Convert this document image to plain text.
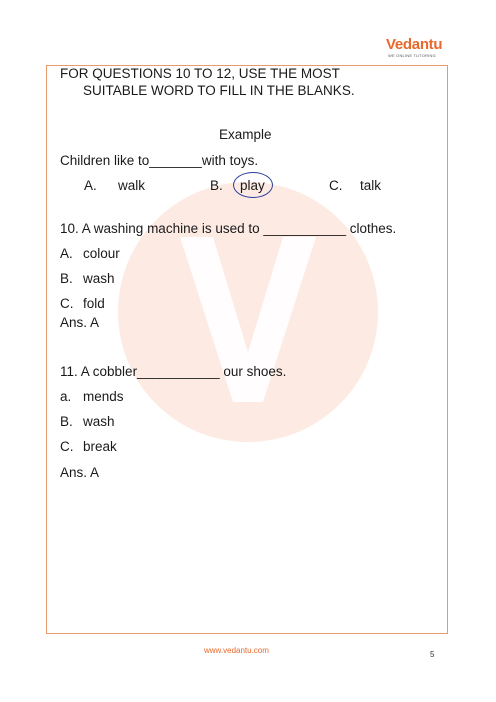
Vedantu
WE ONLINE TUTORING
FOR QUESTIONS 10 TO 12, USE THE MOST
SUITABLE WORD TO FILL IN THE BLANKS.
Example
Children like to_______with toys.
A. walk	B. play	C. talk
10. A washing machine is used to ___________ clothes.
A. colour
B. wash
C. fold
Ans. A
11. A cobbler___________ our shoes.
a. mends
B. wash
C. break
Ans. A
www.vedantu.com	5
